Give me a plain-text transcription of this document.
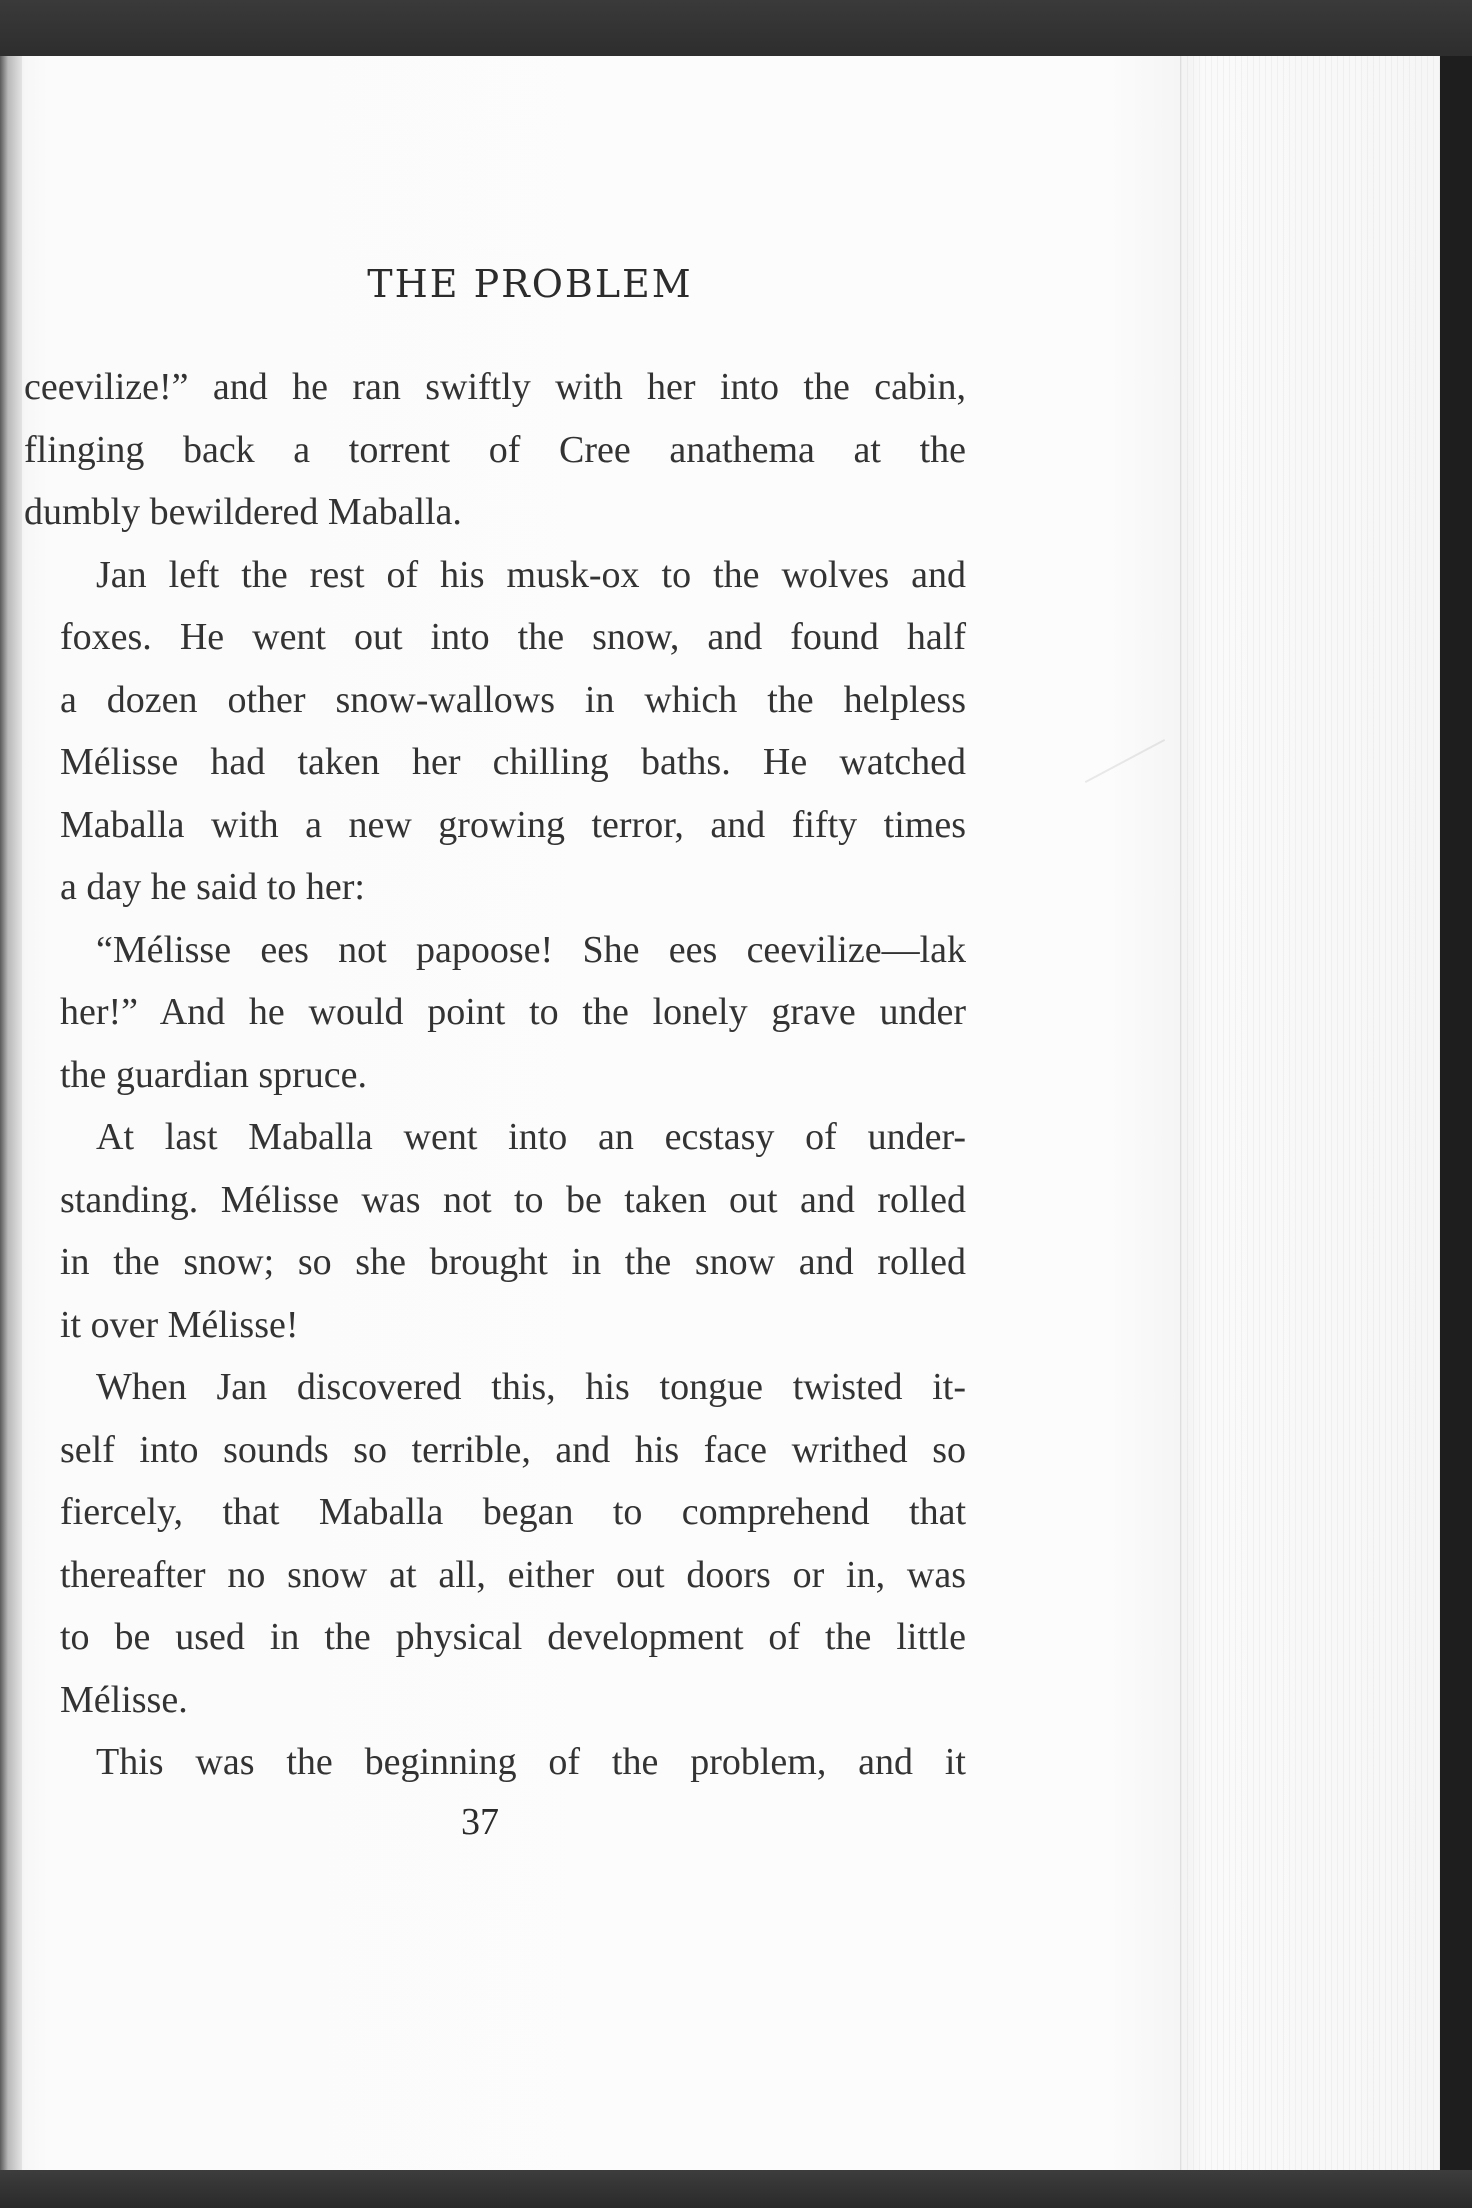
THE PROBLEM
ceevilize!” and he ran swiftly with her into the cabin,
flinging back a torrent of Cree anathema at the
dumbly bewildered Maballa.
Jan left the rest of his musk-ox to the wolves and
foxes. He went out into the snow, and found half
a dozen other snow-wallows in which the helpless
Mélisse had taken her chilling baths. He watched
Maballa with a new growing terror, and fifty times
a day he said to her:
“Mélisse ees not papoose! She ees ceevilize—lak
her!” And he would point to the lonely grave under
the guardian spruce.
At last Maballa went into an ecstasy of under-
standing. Mélisse was not to be taken out and rolled
in the snow; so she brought in the snow and rolled
it over Mélisse!
When Jan discovered this, his tongue twisted it-
self into sounds so terrible, and his face writhed so
fiercely, that Maballa began to comprehend that
thereafter no snow at all, either out doors or in, was
to be used in the physical development of the little
Mélisse.
This was the beginning of the problem, and it
37
